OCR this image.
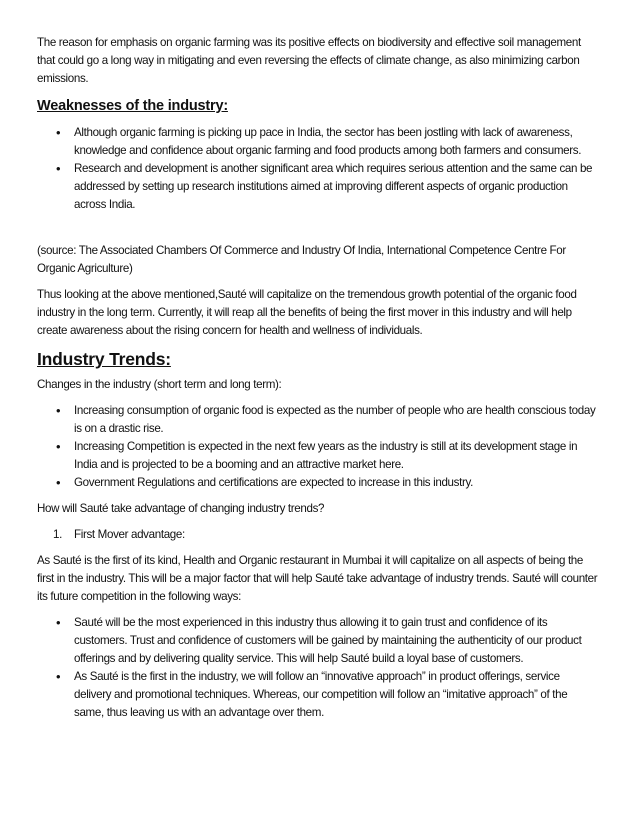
The reason for emphasis on organic farming was its positive effects on biodiversity and effective soil management that could go a long way in mitigating and even reversing the effects of climate change, as also minimizing carbon emissions.

Weaknesses of the industry:
• Although organic farming is picking up pace in India, the sector has been jostling with lack of awareness, knowledge and confidence about organic farming and food products among both farmers and consumers.
• Research and development is another significant area which requires serious attention and the same can be addressed by setting up research institutions aimed at improving different aspects of organic production across India.

(source: The Associated Chambers Of Commerce and Industry Of India, International Competence Centre For Organic Agriculture)

Thus looking at the above mentioned,Sauté will capitalize on the tremendous growth potential of the organic food industry in the long term. Currently, it will reap all the benefits of being the first mover in this industry and will help create awareness about the rising concern for health and wellness of individuals.

Industry Trends:

Changes in the industry (short term and long term):

• Increasing consumption of organic food is expected as the number of people who are health conscious today is on a drastic rise.
• Increasing Competition is expected in the next few years as the industry is still at its development stage in India and is projected to be a booming and an attractive market here.
• Government Regulations and certifications are expected to increase in this industry.

How will Sauté take advantage of changing industry trends?

1. First Mover advantage:

As Sauté is the first of its kind, Health and Organic restaurant in Mumbai it will capitalize on all aspects of being the first in the industry. This will be a major factor that will help Sauté take advantage of industry trends. Sauté will counter its future competition in the following ways:

• Sauté will be the most experienced in this industry thus allowing it to gain trust and confidence of its customers. Trust and confidence of customers will be gained by maintaining the authenticity of our product offerings and by delivering quality service. This will help Sauté build a loyal base of customers.
• As Sauté is the first in the industry, we will follow an “innovative approach” in product offerings, service delivery and promotional techniques. Whereas, our competition will follow an “imitative approach” of the same, thus leaving us with an advantage over them.
